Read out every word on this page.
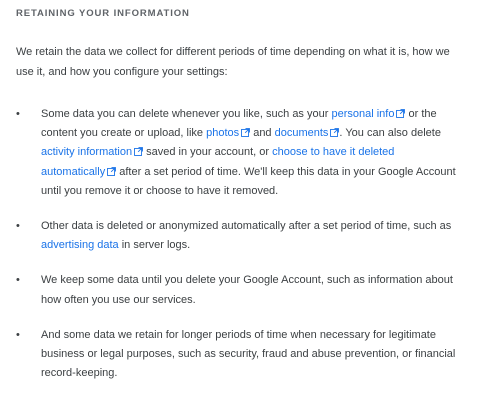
RETAINING YOUR INFORMATION

We retain the data we collect for different periods of time depending on what it is, how we use it, and how you configure your settings:

• Some data you can delete whenever you like, such as your personal info
or the content you create or upload, like photos
and documents . You can also delete activity information
saved in your account, or choose to have it deleted automatically
after a set period of time. We'll keep this data in your Google Account until you remove it or choose to have it removed.
• Other data is deleted or anonymized automatically after a set period of time, such as advertising data in server logs.
• We keep some data until you delete your Google Account, such as information about how often you use our services.
• And some data we retain for longer periods of time when necessary for legitimate business or legal purposes, such as security, fraud and abuse prevention, or financial record-keeping.
